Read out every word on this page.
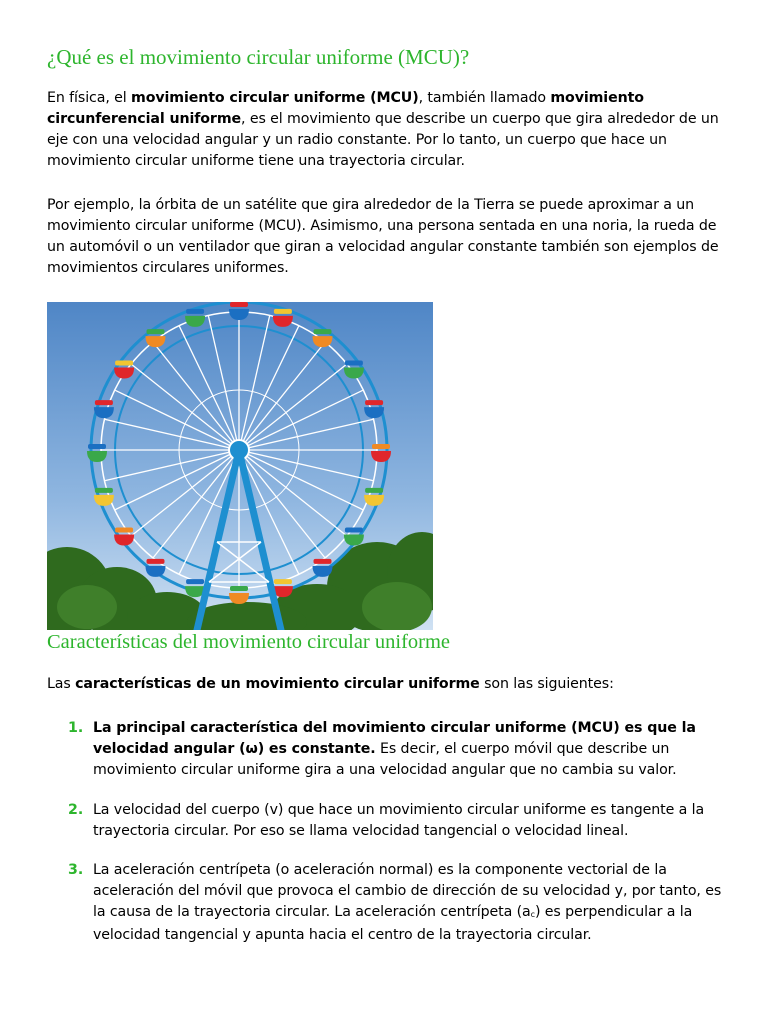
¿Qué es el movimiento circular uniforme (MCU)?

En física, el movimiento circular uniforme (MCU), también llamado movimiento circunferencial uniforme, es el movimiento que describe un cuerpo que gira alrededor de un eje con una velocidad angular y un radio constante. Por lo tanto, un cuerpo que hace un movimiento circular uniforme tiene una trayectoria circular.

Por ejemplo, la órbita de un satélite que gira alrededor de la Tierra se puede aproximar a un movimiento circular uniforme (MCU). Asimismo, una persona sentada en una noria, la rueda de un automóvil o un ventilador que giran a velocidad angular constante también son ejemplos de movimientos circulares uniformes.

Características del movimiento circular uniforme

Las características de un movimiento circular uniforme son las siguientes:

1. La principal característica del movimiento circular uniforme (MCU) es que la velocidad angular (ω) es constante. Es decir, el cuerpo móvil que describe un movimiento circular uniforme gira a una velocidad angular que no cambia su valor.
2. La velocidad del cuerpo (v) que hace un movimiento circular uniforme es tangente a la trayectoria circular. Por eso se llama velocidad tangencial o velocidad lineal.
3. La aceleración centrípeta (o aceleración normal) es la componente vectorial de la aceleración del móvil que provoca el cambio de dirección de su velocidad y, por tanto, es la causa de la trayectoria circular. La aceleración centrípeta $(a_c)$ es perpendicular a la velocidad tangencial y apunta hacia el centro de la trayectoria circular.
